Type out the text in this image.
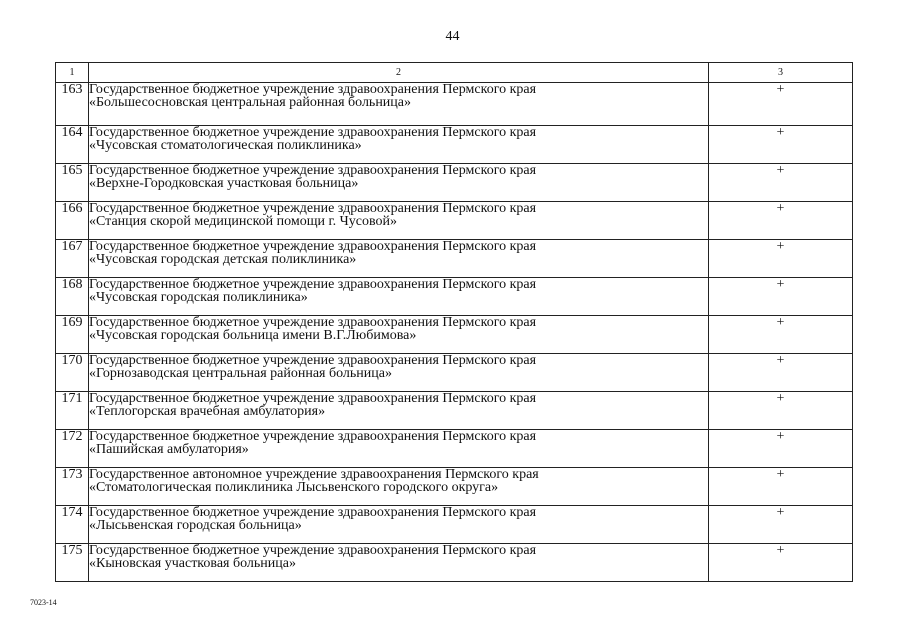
44
1	2	3
163	Государственное бюджетное учреждение здравоохранения Пермского края
«Большесосновская центральная районная больница»	+
164	Государственное бюджетное учреждение здравоохранения Пермского края
«Чусовская стоматологическая поликлиника»	+
165	Государственное бюджетное учреждение здравоохранения Пермского края
«Верхне-Городковская участковая больница»	+
166	Государственное бюджетное учреждение здравоохранения Пермского края
«Станция скорой медицинской помощи г. Чусовой»	+
167	Государственное бюджетное учреждение здравоохранения Пермского края
«Чусовская городская детская поликлиника»	+
168	Государственное бюджетное учреждение здравоохранения Пермского края
«Чусовская городская поликлиника»	+
169	Государственное бюджетное учреждение здравоохранения Пермского края
«Чусовская городская больница имени В.Г.Любимова»	+
170	Государственное бюджетное учреждение здравоохранения Пермского края
«Горнозаводская центральная районная больница»	+
171	Государственное бюджетное учреждение здравоохранения Пермского края
«Теплогорская врачебная амбулатория»	+
172	Государственное бюджетное учреждение здравоохранения Пермского края
«Пашийская амбулатория»	+
173	Государственное автономное учреждение здравоохранения Пермского края
«Стоматологическая поликлиника Лысьвенского городского округа»	+
174	Государственное бюджетное учреждение здравоохранения Пермского края
«Лысьвенская городская больница»	+
175	Государственное бюджетное учреждение здравоохранения Пермского края
«Кыновская участковая больница»	+
7023-14
